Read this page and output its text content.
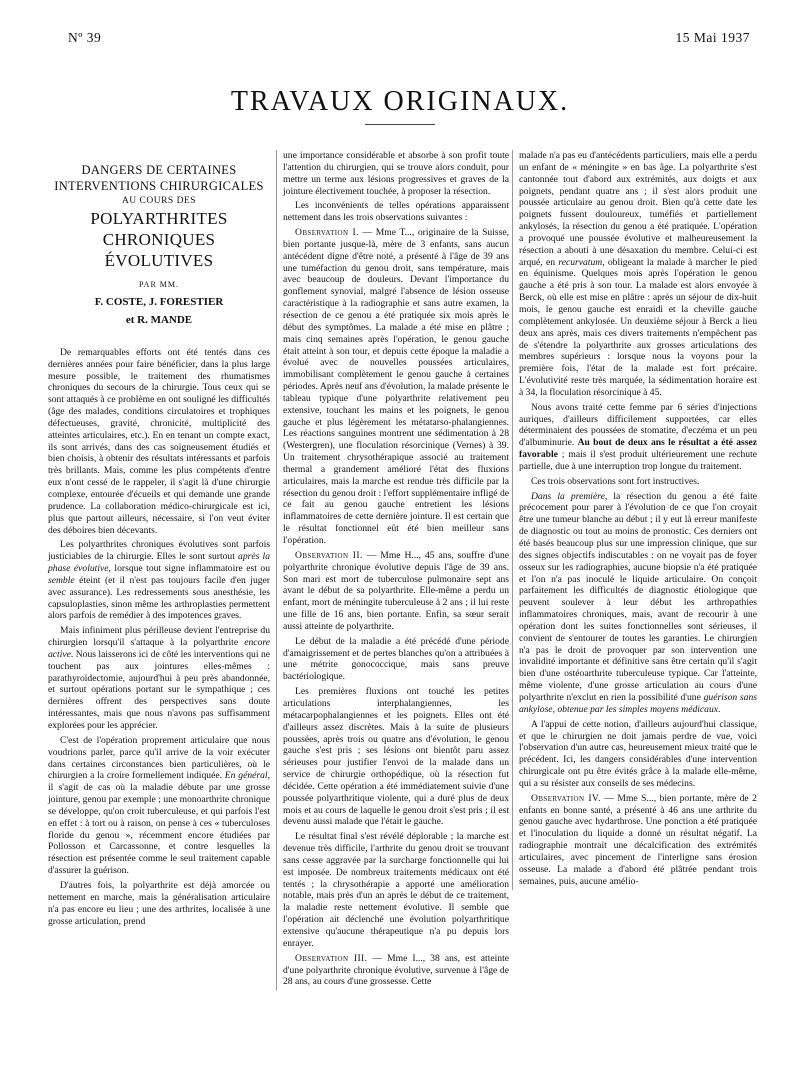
Nº 39	15 Mai 1937
TRAVAUX ORIGINAUX.
DANGERS DE CERTAINES
INTERVENTIONS CHIRURGICALES
AU COURS DES
POLYARTHRITES CHRONIQUES
ÉVOLUTIVES
PAR MM.
F. COSTE, J. FORESTIER
et R. MANDE

De remarquables efforts ont été tentés dans ces dernières années pour faire bénéficier, dans la plus large mesure possible, le traitement des rhumatismes chroniques du secours de la chirurgie. Tous ceux qui se sont attaqués à ce problème en ont souligné les difficultés (âge des malades, conditions circulatoires et trophiques défectueuses, gravité, chronicité, multiplicité des atteintes articulaires, etc.). En en tenant un compte exact, ils sont arrivés, dans des cas soigneusement étudiés et bien choisis, à obtenir des résultats intéressants et parfois très brillants. Mais, comme les plus compétents d'entre eux n'ont cessé de le rappeler, il s'agit là d'une chirurgie complexe, entourée d'écueils et qui demande une grande prudence. La collaboration médico-chirurgicale est ici, plus que partout ailleurs, nécessaire, si l'on veut éviter des déboires bien décevants.

Les polyarthrites chroniques évolutives sont parfois justiciables de la chirurgie. Elles le sont surtout après la phase évolutive, lorsque tout signe inflammatoire est ou semble éteint (et il n'est pas toujours facile d'en juger avec assurance). Les redressements sous anesthésie, les capsuloplasties, sinon même les arthroplasties permettent alors parfois de remédier à des impotences graves.

Mais infiniment plus périlleuse devient l'entreprise du chirurgien lorsqu'il s'attaque à la polyarthrite encore active. Nous laisserons ici de côté les interventions qui ne touchent pas aux jointures elles-mêmes : parathyroïdectomie, aujourd'hui à peu près abandonnée, et surtout opérations portant sur le sympathique ; ces dernières offrent des perspectives sans doute intéressantes, mais que nous n'avons pas suffisamment explorées pour les apprécier.

C'est de l'opération proprement articulaire que nous voudrions parler, parce qu'il arrive de la voir exécuter dans certaines circonstances bien particulières, où le chirurgien a la croire formellement indiquée. En général, il s'agit de cas où la maladie débute par une grosse jointure, genou par exemple ; une monoarthrite chronique se développe, qu'on croit tuberculeuse, et qui parfois l'est en effet : à tort ou à raison, on pense à ces « tuberculoses floride du genou », récemment encore étudiées par Pollosson et Carcassonne, et contre lesquelles la résection est présentée comme le seul traitement capable d'assurer la guérison.

D'autres fois, la polyarthrite est déjà amorcée ou nettement en marche, mais la généralisation articulaire n'a pas encore eu lieu ; une des arthrites, localisée à une grosse articulation, prend

une importance considérable et absorbe à son profit toute l'attention du chirurgien, qui se trouve alors conduit, pour mettre un terme aux lésions progressives et graves de la jointure électivement touchée, à proposer la résection.

Les inconvénients de telles opérations apparaissent nettement dans les trois observations suivantes :

Observation I. — Mme T..., originaire de la Suisse, bien portante jusque-là, mère de 3 enfants, sans aucun antécédent digne d'être noté, a présenté à l'âge de 39 ans une tuméfaction du genou droit, sans température, mais avec beaucoup de douleurs. Devant l'importance du gonflement synovial, malgré l'absence de lésion osseuse caractéristique à la radiographie et sans autre examen, la résection de ce genou a été pratiquée six mois après le début des symptômes. La malade a été mise en plâtre ; mais cinq semaines après l'opération, le genou gauche était atteint à son tour, et depuis cette époque la maladie a évolué avec de nouvelles poussées articulaires, immobilisant complètement le genou gauche à certaines périodes. Après neuf ans d'évolution, la malade présente le tableau typique d'une polyarthrite relativement peu extensive, touchant les mains et les poignets, le genou gauche et plus légèrement les métatarso-phalangiennes. Les réactions sanguines montrent une sédimentation à 28 (Westergren), une floculation résorcinique (Vernes) à 39. Un traitement chrysothérapique associé au traitement thermal a grandement amélioré l'état des fluxions articulaires, mais la marche est rendue très difficile par la résection du genou droit : l'effort supplémentaire infligé de ce fait au genou gauche entretient les lésions inflammatoires de cette dernière jointure. Il est certain que le résultat fonctionnel eût été bien meilleur sans l'opération.

Observation II. — Mme H..., 45 ans, souffre d'une polyarthrite chronique évolutive depuis l'âge de 39 ans. Son mari est mort de tuberculose pulmonaire sept ans avant le début de sa polyarthrite. Elle-même a perdu un enfant, mort de méningite tuberculeuse à 2 ans ; il lui reste une fille de 16 ans, bien portante. Enfin, sa sœur serait aussi atteinte de polyarthrite.

Le début de la maladie a été précédé d'une période d'amaigrissement et de pertes blanches qu'on a attribuées à une métrite gonococcique, mais sans preuve bactériologique.

Les premières fluxions ont touché les petites articulations interphalangiennes, les métacarpophalangiennes et les poignets. Elles ont été d'ailleurs assez discrètes. Mais à la suite de plusieurs poussées, après trois ou quatre ans d'évolution, le genou gauche s'est pris ; ses lésions ont bientôt paru assez sérieuses pour justifier l'envoi de la malade dans un service de chirurgie orthopédique, où la résection fut décidée. Cette opération a été immédiatement suivie d'une poussée polyarthritique violente, qui a duré plus de deux mois et au cours de laquelle le genou droit s'est pris ; il est devenu aussi malade que l'était le gauche.

Le résultat final s'est révélé déplorable ; la marche est devenue très difficile, l'arthrite du genou droit se trouvant sans cesse aggravée par la surcharge fonctionnelle qui lui est imposée. De nombreux traitements médicaux ont été tentés ; la chrysothérapie a apporté une amélioration notable, mais près d'un an après le début de ce traitement, la maladie reste nettement évolutive. Il semble que l'opération ait déclenché une évolution polyarthritique extensive qu'aucune thérapeutique n'a pu depuis lors enrayer.

Observation III. — Mme I..., 38 ans, est atteinte d'une polyarthrite chronique évolutive, survenue à l'âge de 28 ans, au cours d'une grossesse. Cette

malade n'a pas eu d'antécédents particuliers, mais elle a perdu un enfant de « méningite » en bas âge. La polyarthrite s'est cantonnée tout d'abord aux extrémités, aux doigts et aux poignets, pendant quatre ans ; il s'est alors produit une poussée articulaire au genou droit. Bien qu'à cette date les poignets fussent douloureux, tuméfiés et partiellement ankylosés, la résection du genou a été pratiquée. L'opération a provoqué une poussée évolutive et malheureusement la résection a abouti à une désaxation du membre. Celui-ci est arqué, en recurvatum, obligeant la malade à marcher le pied en équinisme. Quelques mois après l'opération le genou gauche a été pris à son tour. La malade est alors envoyée à Berck, où elle est mise en plâtre : après un séjour de dix-huit mois, le genou gauche est enraidi et la cheville gauche complètement ankylosée. Un deuxième séjour à Berck a lieu deux ans après, mais ces divers traitements n'empêchent pas de s'étendre la polyarthrite aux grosses articulations des membres supérieurs : lorsque nous la voyons pour la première fois, l'état de la malade est fort précaire. L'évolutivité reste très marquée, la sédimentation horaire est à 34, la floculation résorcinique à 45.

Nous avons traité cette femme par 6 séries d'injections auriques, d'ailleurs difficilement supportées, car elles déterminaient des poussées de stomatite, d'eczéma et un peu d'albuminurie. Au bout de deux ans le résultat a été assez favorable ; mais il s'est produit ultérieurement une rechute partielle, due à une interruption trop longue du traitement.

Ces trois observations sont fort instructives.

Dans la première, la résection du genou a été faite précocement pour parer à l'évolution de ce que l'on croyait être une tumeur blanche au début ; il y eut là erreur manifeste de diagnostic ou tout au moins de pronostic. Ces derniers ont été basés beaucoup plus sur une impression clinique, que sur des signes objectifs indiscutables : on ne voyait pas de foyer osseux sur les radiographies, aucune biopsie n'a été pratiquée et l'on n'a pas inoculé le liquide articulaire. On conçoit parfaitement les difficultés de diagnostic étiologique que peuvent soulever à leur début les arthropathies inflammatoires chroniques, mais, avant de recourir à une opération dont les suites fonctionnelles sont sérieuses, il convient de s'entourer de toutes les garanties. Le chirurgien n'a pas le droit de provoquer par son intervention une invalidité importante et définitive sans être certain qu'il s'agit bien d'une ostéoarthrite tuberculeuse typique. Car l'atteinte, même violente, d'une grosse articulation au cours d'une polyarthrite n'exclut en rien la possibilité d'une guérison sans ankylose, obtenue par les simples moyens médicaux.

A l'appui de cette notion, d'ailleurs aujourd'hui classique, et que le chirurgien ne doit jamais perdre de vue, voici l'observation d'un autre cas, heureusement mieux traité que le précédent. Ici, les dangers considérables d'une intervention chirurgicale ont pu être évités grâce à la malade elle-même, qui a su résister aux conseils de ses médecins.

Observation IV. — Mme S..., bien portante, mère de 2 enfants en bonne santé, a présenté à 46 ans une arthrite du genou gauche avec hydarthrose. Une ponction a été pratiquée et l'inoculation du liquide a donné un résultat négatif. La radiographie montrait une décalcification des extrémités articulaires, avec pincement de l'interligne sans érosion osseuse. La malade a d'abord été plâtrée pendant trois semaines, puis, aucune amélio-
